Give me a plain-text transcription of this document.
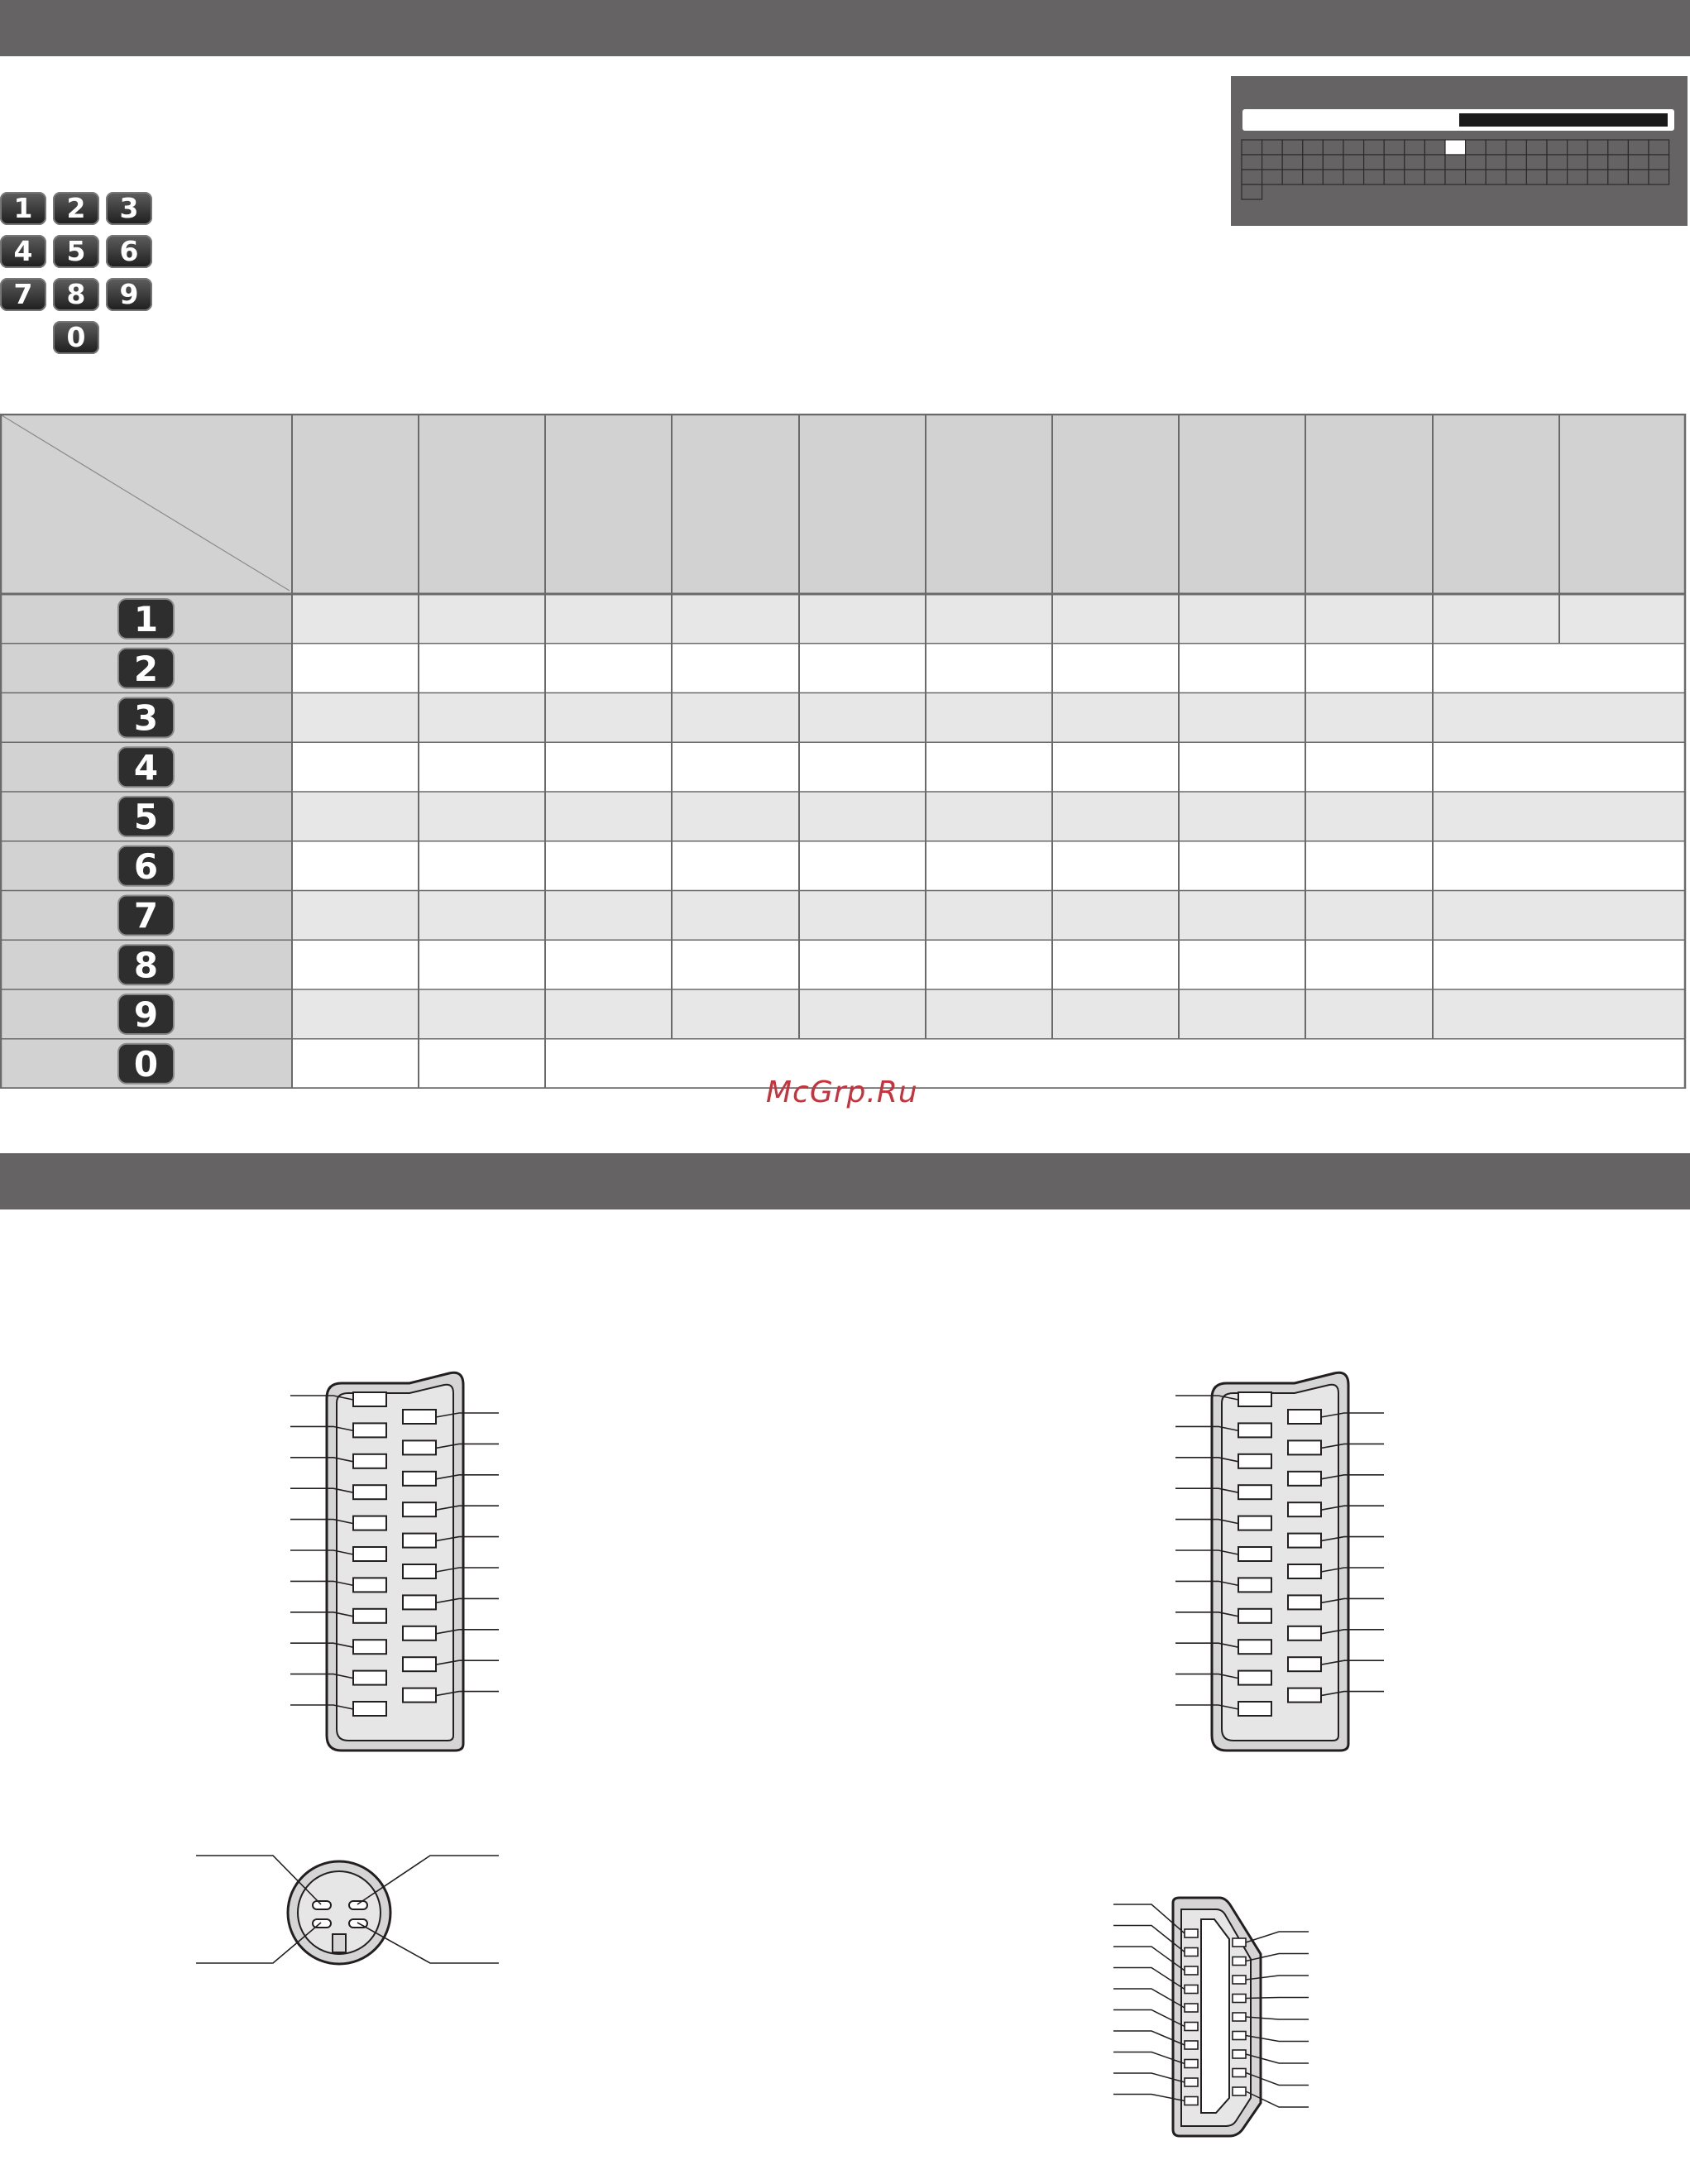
1	2	3
4	5	6
7	8	9
0
1
2
3
4
5
6
7
8
9
0
McGrp.Ru
